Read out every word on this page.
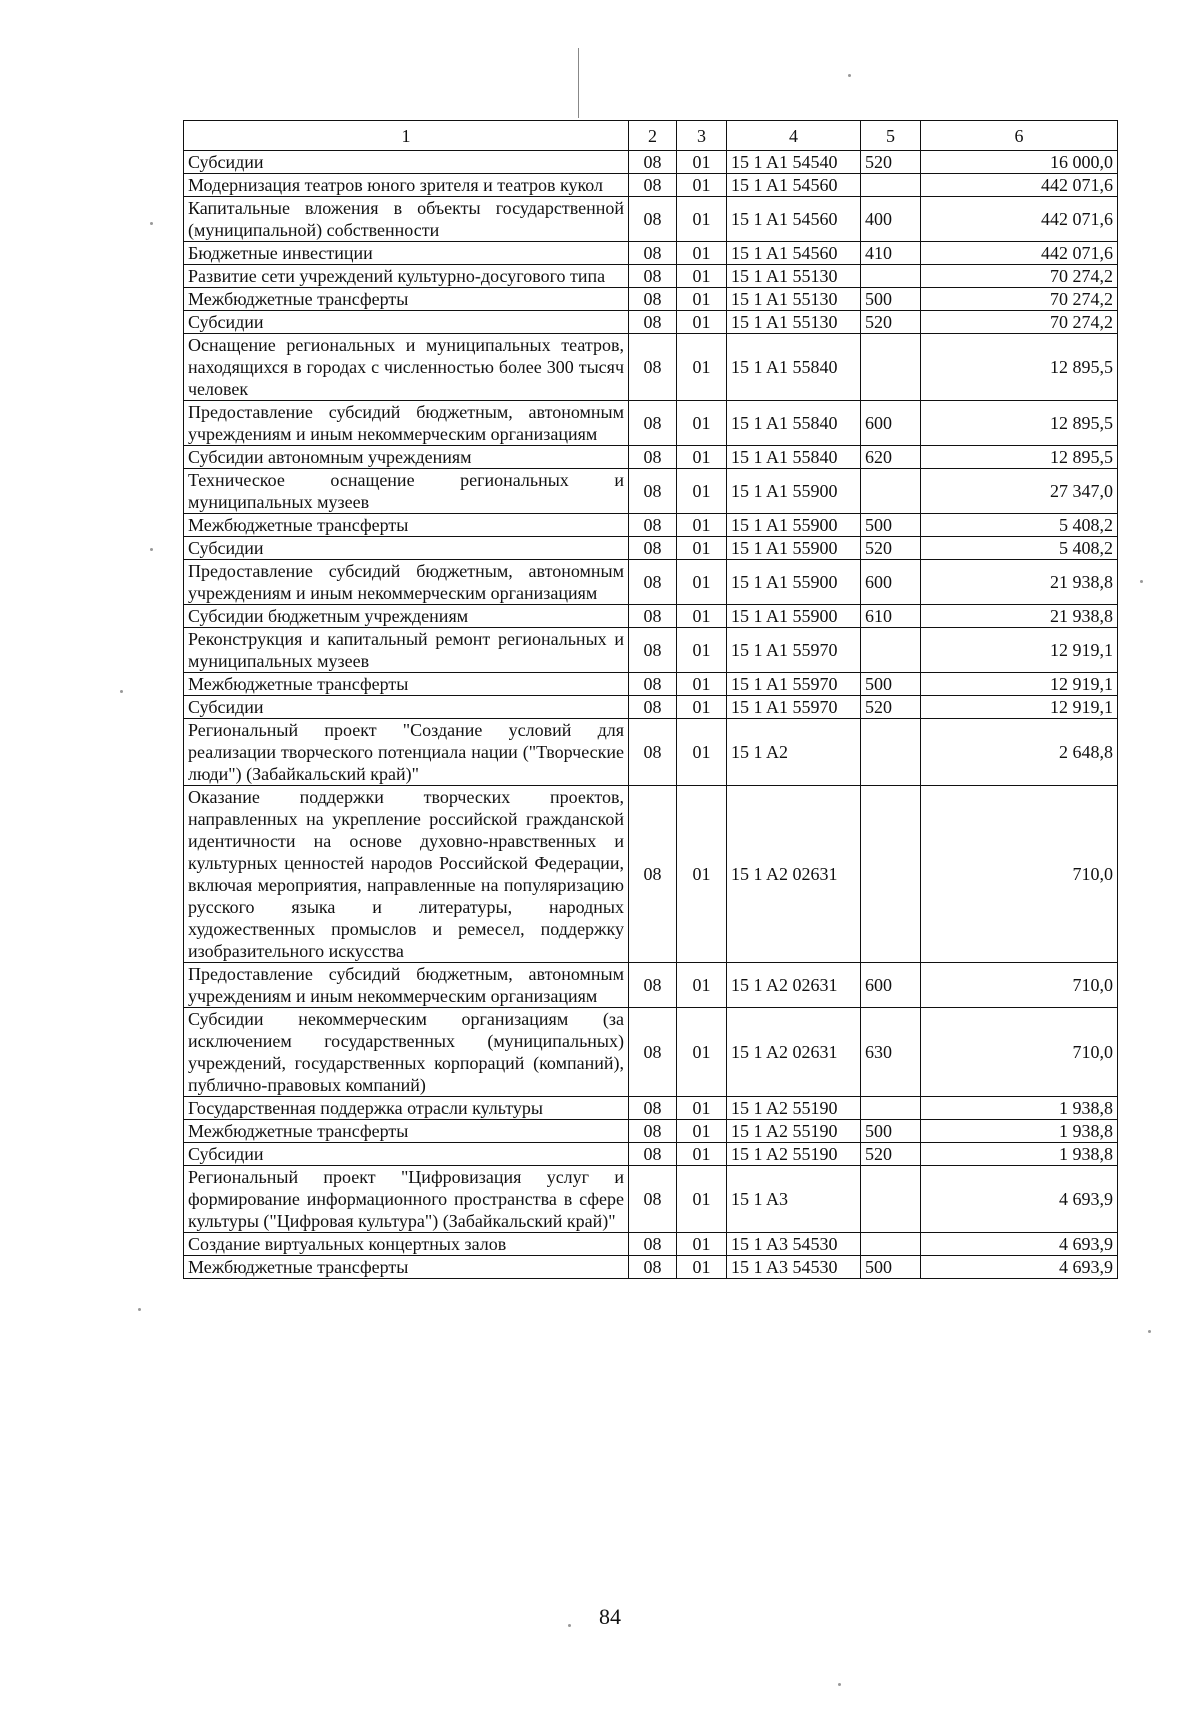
1	2	3	4	5	6
Субсидии	08	01	15 1 A1 54540	520	16 000,0
Модернизация театров юного зрителя и театров кукол	08	01	15 1 A1 54560		442 071,6
Капитальные вложения в объекты государственной (муниципальной) собственности	08	01	15 1 A1 54560	400	442 071,6
Бюджетные инвестиции	08	01	15 1 A1 54560	410	442 071,6
Развитие сети учреждений культурно-досугового типа	08	01	15 1 A1 55130		70 274,2
Межбюджетные трансферты	08	01	15 1 A1 55130	500	70 274,2
Субсидии	08	01	15 1 A1 55130	520	70 274,2
Оснащение региональных и муниципальных театров, находящихся в городах с численностью более 300 тысяч человек	08	01	15 1 A1 55840		12 895,5
Предоставление субсидий бюджетным, автономным учреждениям и иным некоммерческим организациям	08	01	15 1 A1 55840	600	12 895,5
Субсидии автономным учреждениям	08	01	15 1 A1 55840	620	12 895,5
Техническое оснащение региональных и муниципальных музеев	08	01	15 1 A1 55900		27 347,0
Межбюджетные трансферты	08	01	15 1 A1 55900	500	5 408,2
Субсидии	08	01	15 1 A1 55900	520	5 408,2
Предоставление субсидий бюджетным, автономным учреждениям и иным некоммерческим организациям	08	01	15 1 A1 55900	600	21 938,8
Субсидии бюджетным учреждениям	08	01	15 1 A1 55900	610	21 938,8
Реконструкция и капитальный ремонт региональных и муниципальных музеев	08	01	15 1 A1 55970		12 919,1
Межбюджетные трансферты	08	01	15 1 A1 55970	500	12 919,1
Субсидии	08	01	15 1 A1 55970	520	12 919,1
Региональный проект "Создание условий для реализации творческого потенциала нации ("Творческие люди") (Забайкальский край)"	08	01	15 1 A2		2 648,8
Оказание поддержки творческих проектов, направленных на укрепление российской гражданской идентичности на основе духовно-нравственных и культурных ценностей народов Российской Федерации, включая мероприятия, направленные на популяризацию русского языка и литературы, народных художественных промыслов и ремесел, поддержку изобразительного искусства	08	01	15 1 A2 02631		710,0
Предоставление субсидий бюджетным, автономным учреждениям и иным некоммерческим организациям	08	01	15 1 A2 02631	600	710,0
Субсидии некоммерческим организациям (за исключением государственных (муниципальных) учреждений, государственных корпораций (компаний), публично-правовых компаний)	08	01	15 1 A2 02631	630	710,0
Государственная поддержка отрасли культуры	08	01	15 1 A2 55190		1 938,8
Межбюджетные трансферты	08	01	15 1 A2 55190	500	1 938,8
Субсидии	08	01	15 1 A2 55190	520	1 938,8
Региональный проект "Цифровизация услуг и формирование информационного пространства в сфере культуры ("Цифровая культура") (Забайкальский край)"	08	01	15 1 A3		4 693,9
Создание виртуальных концертных залов	08	01	15 1 A3 54530		4 693,9
Межбюджетные трансферты	08	01	15 1 A3 54530	500	4 693,9
84
